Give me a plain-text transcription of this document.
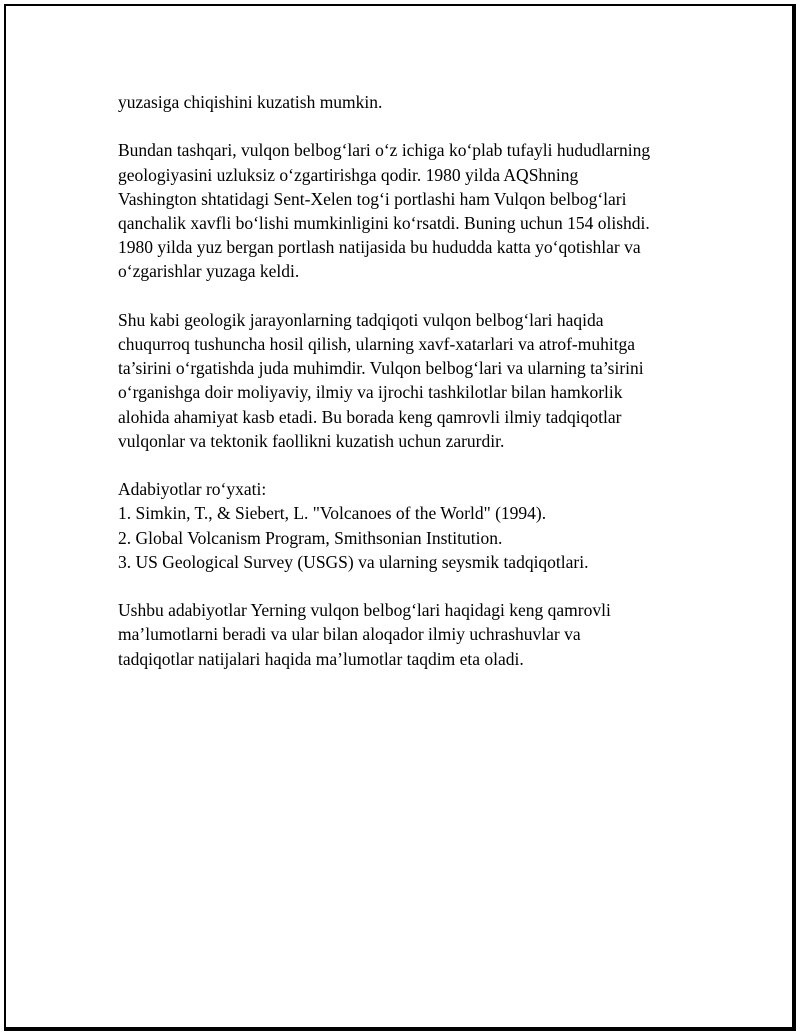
yuzasiga chiqishini kuzatish mumkin.

Bundan tashqari, vulqon belbog‘lari o‘z ichiga ko‘plab tufayli hududlarning
geologiyasini uzluksiz o‘zgartirishga qodir. 1980 yilda AQShning
Vashington shtatidagi Sent-Xelen tog‘i portlashi ham Vulqon belbog‘lari
qanchalik xavfli bo‘lishi mumkinligini ko‘rsatdi. Buning uchun 154 olishdi.
1980 yilda yuz bergan portlash natijasida bu hududda katta yo‘qotishlar va
o‘zgarishlar yuzaga keldi.

Shu kabi geologik jarayonlarning tadqiqoti vulqon belbog‘lari haqida
chuqurroq tushuncha hosil qilish, ularning xavf-xatarlari va atrof-muhitga
ta’sirini o‘rgatishda juda muhimdir. Vulqon belbog‘lari va ularning ta’sirini
o‘rganishga doir moliyaviy, ilmiy va ijrochi tashkilotlar bilan hamkorlik
alohida ahamiyat kasb etadi. Bu borada keng qamrovli ilmiy tadqiqotlar
vulqonlar va tektonik faollikni kuzatish uchun zarurdir.

Adabiyotlar ro‘yxati:
1. Simkin, T., & Siebert, L. "Volcanoes of the World" (1994).
2. Global Volcanism Program, Smithsonian Institution.
3. US Geological Survey (USGS) va ularning seysmik tadqiqotlari.

Ushbu adabiyotlar Yerning vulqon belbog‘lari haqidagi keng qamrovli
ma’lumotlarni beradi va ular bilan aloqador ilmiy uchrashuvlar va
tadqiqotlar natijalari haqida ma’lumotlar taqdim eta oladi.
